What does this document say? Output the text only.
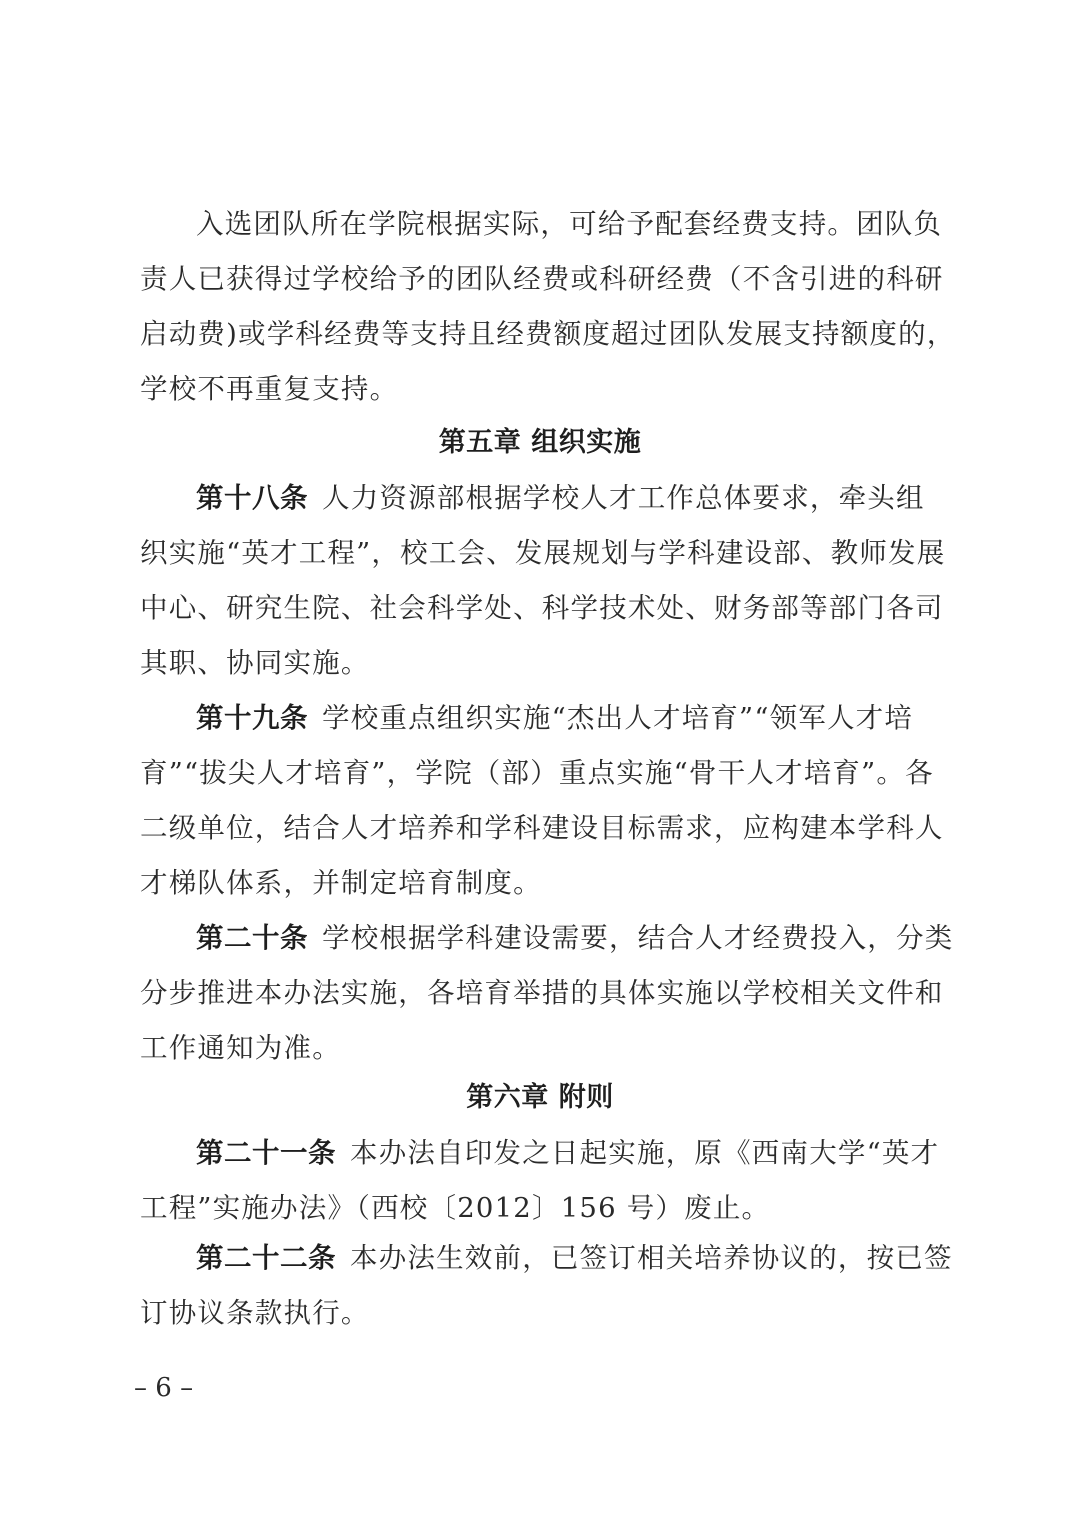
入选团队所在学院根据实际，可给予配套经费支持。团队负
责人已获得过学校给予的团队经费或科研经费（不含引进的科研
启动费)或学科经费等支持且经费额度超过团队发展支持额度的，
学校不再重复支持。
第五章 组织实施
第十八条 人力资源部根据学校人才工作总体要求，牵头组
织实施“英才工程”，校工会、发展规划与学科建设部、教师发展
中心、研究生院、社会科学处、科学技术处、财务部等部门各司
其职、协同实施。
第十九条 学校重点组织实施“杰出人才培育”“领军人才培
育”“拔尖人才培育”，学院（部）重点实施“骨干人才培育”。各
二级单位，结合人才培养和学科建设目标需求，应构建本学科人
才梯队体系，并制定培育制度。
第二十条 学校根据学科建设需要，结合人才经费投入，分类
分步推进本办法实施，各培育举措的具体实施以学校相关文件和
工作通知为准。
第六章 附则
第二十一条 本办法自印发之日起实施，原《西南大学“英才
工程”实施办法》（西校〔2012〕156 号）废止。
第二十二条 本办法生效前，已签订相关培养协议的，按已签
订协议条款执行。
– 6 –
